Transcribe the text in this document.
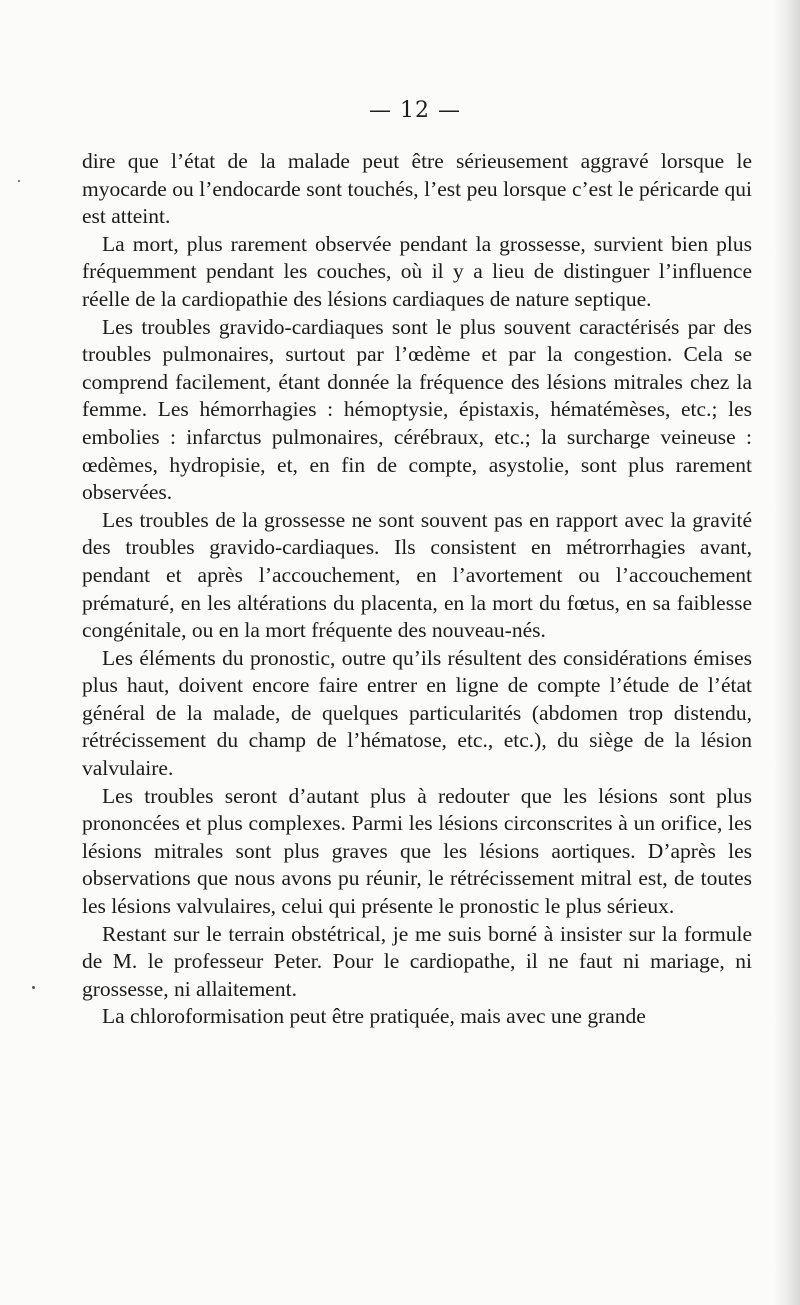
— 12 —

dire que l’état de la malade peut être sérieusement aggravé lorsque le myocarde ou l’endocarde sont touchés, l’est peu lorsque c’est le péricarde qui est atteint.

La mort, plus rarement observée pendant la grossesse, survient bien plus fréquemment pendant les couches, où il y a lieu de distinguer l’influence réelle de la cardiopathie des lésions cardiaques de nature septique.

Les troubles gravido-cardiaques sont le plus souvent caractérisés par des troubles pulmonaires, surtout par l’œdème et par la congestion. Cela se comprend facilement, étant donnée la fréquence des lésions mitrales chez la femme. Les hémorrhagies : hémoptysie, épistaxis, hématémèses, etc.; les embolies : infarctus pulmonaires, cérébraux, etc.; la surcharge veineuse : œdèmes, hydropisie, et, en fin de compte, asystolie, sont plus rarement observées.

Les troubles de la grossesse ne sont souvent pas en rapport avec la gravité des troubles gravido-cardiaques. Ils consistent en métrorrhagies avant, pendant et après l’accouchement, en l’avortement ou l’accouchement prématuré, en les altérations du placenta, en la mort du fœtus, en sa faiblesse congénitale, ou en la mort fréquente des nouveau-nés.

Les éléments du pronostic, outre qu’ils résultent des considérations émises plus haut, doivent encore faire entrer en ligne de compte l’étude de l’état général de la malade, de quelques particularités (abdomen trop distendu, rétrécissement du champ de l’hématose, etc., etc.), du siège de la lésion valvulaire.

Les troubles seront d’autant plus à redouter que les lésions sont plus prononcées et plus complexes. Parmi les lésions circonscrites à un orifice, les lésions mitrales sont plus graves que les lésions aortiques. D’après les observations que nous avons pu réunir, le rétrécissement mitral est, de toutes les lésions valvulaires, celui qui présente le pronostic le plus sérieux.

Restant sur le terrain obstétrical, je me suis borné à insister sur la formule de M. le professeur Peter. Pour le cardiopathe, il ne faut ni mariage, ni grossesse, ni allaitement.

La chloroformisation peut être pratiquée, mais avec une grande
